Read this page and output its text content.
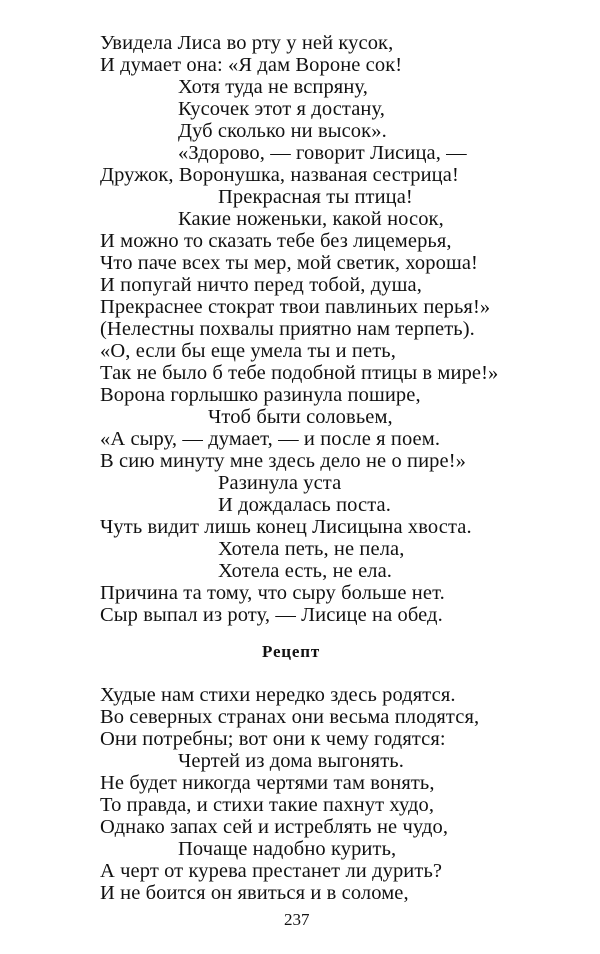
Увидела Лиса во рту у ней кусок,
И думает она: «Я дам Вороне сок!
Хотя туда не вспряну,
Кусочек этот я достану,
Дуб сколько ни высок».
«Здорово, — говорит Лисица, —
Дружок, Воронушка, названая сестрица!
Прекрасная ты птица!
Какие ноженьки, какой носок,
И можно то сказать тебе без лицемерья,
Что паче всех ты мер, мой светик, хороша!
И попугай ничто перед тобой, душа,
Прекраснее стократ твои павлиньих перья!»
(Нелестны похвалы приятно нам терпеть).
«О, если бы еще умела ты и петь,
Так не было б тебе подобной птицы в мире!»
Ворона горлышко разинула пошире,
Чтоб быти соловьем,
«А сыру, — думает, — и после я поем.
В сию минуту мне здесь дело не о пире!»
Разинула уста
И дождалась поста.
Чуть видит лишь конец Лисицына хвоста.
Хотела петь, не пела,
Хотела есть, не ела.
Причина та тому, что сыру больше нет.
Сыр выпал из роту, — Лисице на обед.
Рецепт
Худые нам стихи нередко здесь родятся.
Во северных странах они весьма плодятся,
Они потребны; вот они к чему годятся:
Чертей из дома выгонять.
Не будет никогда чертями там вонять,
То правда, и стихи такие пахнут худо,
Однако запах сей и истреблять не чудо,
Почаще надобно курить,
А черт от курева престанет ли дурить?
И не боится он явиться и в соломе,
237
